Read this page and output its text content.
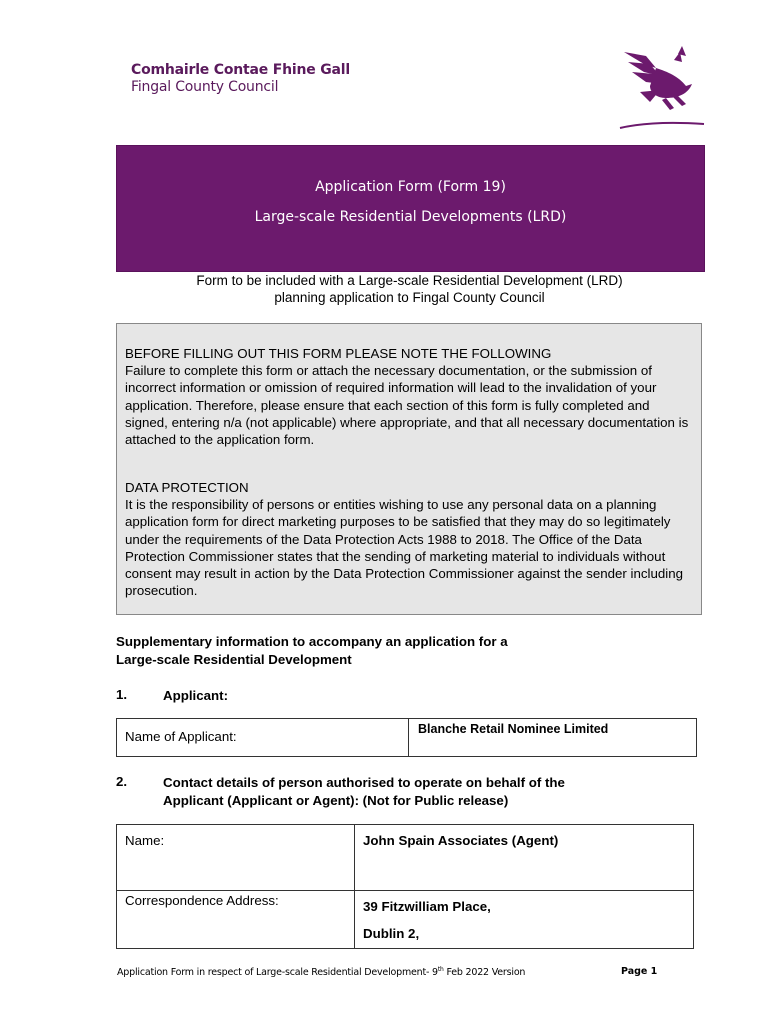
Comhairle Contae Fhine Gall
Fingal County Council
Application Form (Form 19)
Large-scale Residential Developments (LRD)
Form to be included with a Large-scale Residential Development (LRD)
planning application to Fingal County Council

BEFORE FILLING OUT THIS FORM PLEASE NOTE THE FOLLOWING
Failure to complete this form or attach the necessary documentation, or the submission of incorrect information or omission of required information will lead to the invalidation of your application. Therefore, please ensure that each section of this form is fully completed and signed, entering n/a (not applicable) where appropriate, and that all necessary documentation is attached to the application form.

DATA PROTECTION
It is the responsibility of persons or entities wishing to use any personal data on a planning application form for direct marketing purposes to be satisfied that they may do so legitimately under the requirements of the Data Protection Acts 1988 to 2018. The Office of the Data Protection Commissioner states that the sending of marketing material to individuals without consent may result in action by the Data Protection Commissioner against the sender including prosecution.

Supplementary information to accompany an application for a
Large-scale Residential Development
1.	Applicant:
Name of Applicant:	Blanche Retail Nominee Limited
2.	Contact details of person authorised to operate on behalf of the
Applicant (Applicant or Agent): (Not for Public release)
Name:	John Spain Associates (Agent)

Correspondence Address:	39 Fitzwilliam Place,
Dublin 2,
Application Form in respect of Large-scale Residential Development- 9th Feb 2022 Version	Page 1
